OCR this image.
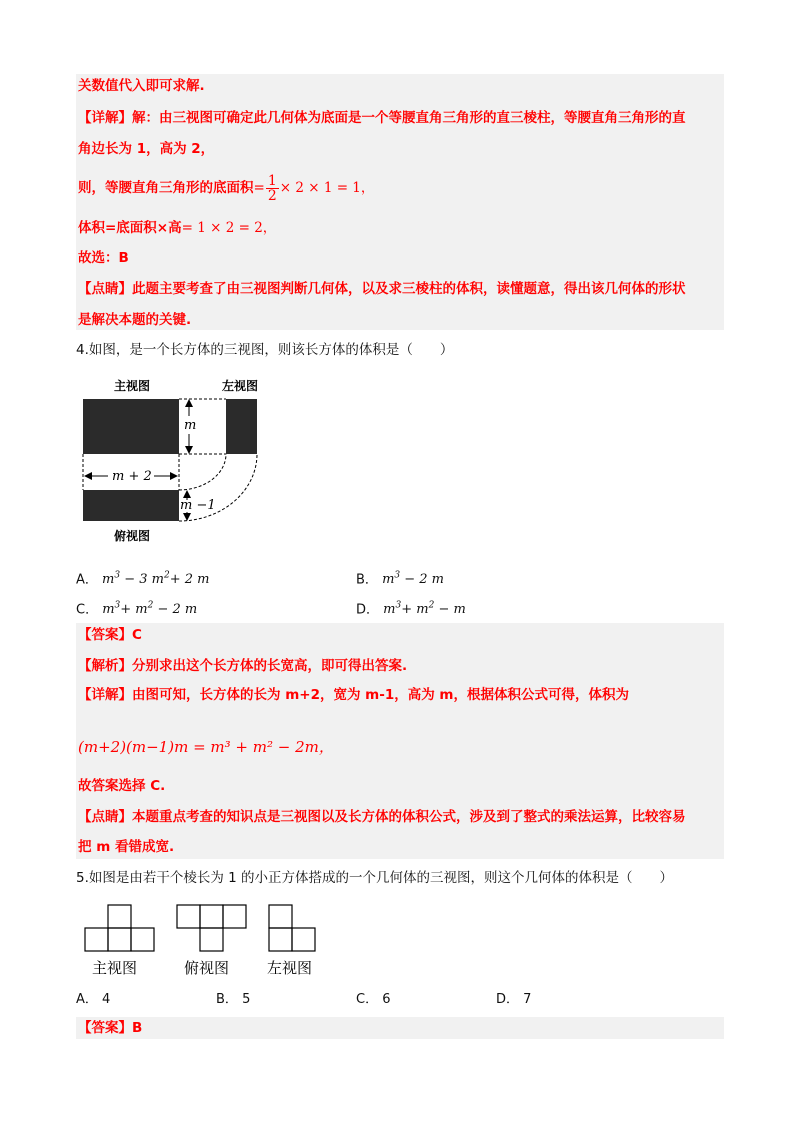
关数值代入即可求解.
【详解】解：由三视图可确定此几何体为底面是一个等腰直角三角形的直三棱柱，等腰直角三角形的直
角边长为 1，高为 2，
则，等腰直角三角形的底面积= $\frac{1}{2} \times 2 \times 1 = 1$，
体积=底面积×高= 1 × 2 = 2，
故选：B
【点睛】此题主要考查了由三视图判断几何体，以及求三棱柱的体积，读懂题意，得出该几何体的形状
是解决本题的关键.
4.如图，是一个长方体的三视图，则该长方体的体积是（　　）
主视图	左视图
俯视图
m
m + 2
m −1
A． $m^3 - 3$ $m^2+ 2$ m	B． $m^3 - 2$ m
C． $m^3+ m^2 - 2$ m	D． $m^3+ m^2 - m$
【答案】C
【解析】分别求出这个长方体的长宽高，即可得出答案.
【详解】由图可知，长方体的长为 m+2，宽为 m-1，高为 m，根据体积公式可得，体积为
(m+2)(m−1)m = m³ + m² − 2m，
故答案选择 C.
【点睛】本题重点考查的知识点是三视图以及长方体的体积公式，涉及到了整式的乘法运算，比较容易
把 m 看错成宽.
5.如图是由若干个棱长为 1 的小正方体搭成的一个几何体的三视图，则这个几何体的体积是（　　）
主视图	俯视图	左视图
A． 4	B． 5	C． 6	D． 7
【答案】B
